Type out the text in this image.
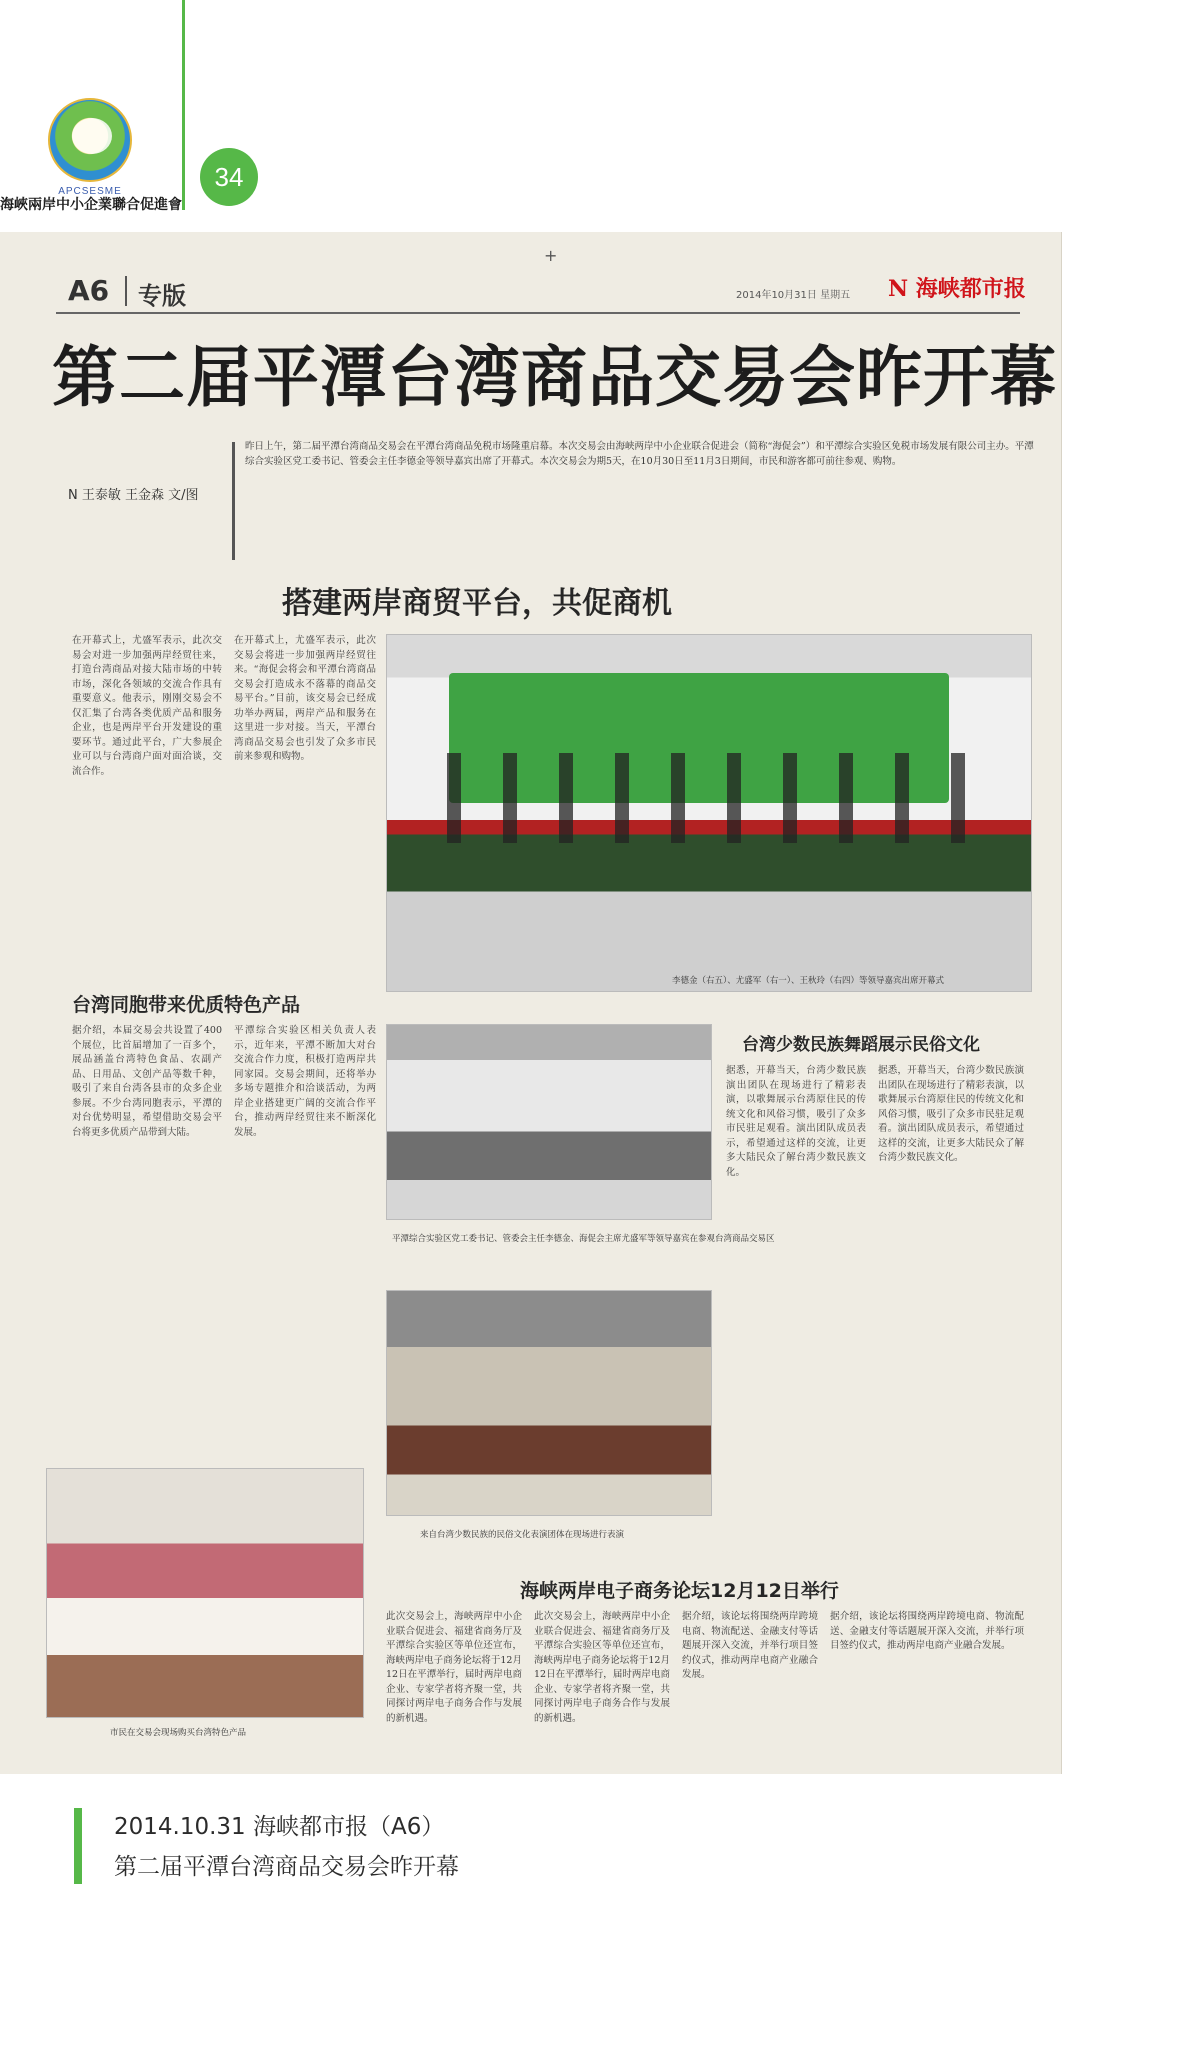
APCSESME
海峽兩岸中小企業聯合促進會
34
+
A6 专版	2014年10月31日 星期五 N 海峡都市报
第二届平潭台湾商品交易会昨开幕
N 王泰敏 王金森 文/图
昨日上午，第二届平潭台湾商品交易会在平潭台湾商品免税市场隆重启幕。本次交易会由海峡两岸中小企业联合促进会（简称“海促会”）和平潭综合实验区免税市场发展有限公司主办。平潭综合实验区党工委书记、管委会主任李德金等领导嘉宾出席了开幕式。本次交易会为期5天，在10月30日至11月3日期间，市民和游客都可前往参观、购物。
搭建两岸商贸平台，共促商机
在开幕式上，尤盛军表示，此次交易会对进一步加强两岸经贸往来，打造台湾商品对接大陆市场的中转市场，深化各领域的交流合作具有重要意义。他表示，刚刚交易会不仅汇集了台湾各类优质产品和服务企业，也是两岸平台开发建设的重要环节。通过此平台，广大参展企业可以与台湾商户面对面洽谈，交流合作。
在开幕式上，尤盛军表示，此次交易会将进一步加强两岸经贸往来。“海促会将会和平潭台湾商品交易会打造成永不落幕的商品交易平台。”目前，该交易会已经成功举办两届，两岸产品和服务在这里进一步对接。当天，平潭台湾商品交易会也引发了众多市民前来参观和购物。
李德金（右五）、尤盛军（右一）、王秋玲（右四）等领导嘉宾出席开幕式
台湾同胞带来优质特色产品
据介绍，本届交易会共设置了400个展位，比首届增加了一百多个，展品涵盖台湾特色食品、农副产品、日用品、文创产品等数千种，吸引了来自台湾各县市的众多企业参展。不少台湾同胞表示，平潭的对台优势明显，希望借助交易会平台将更多优质产品带到大陆。
平潭综合实验区相关负责人表示，近年来，平潭不断加大对台交流合作力度，积极打造两岸共同家园。交易会期间，还将举办多场专题推介和洽谈活动，为两岸企业搭建更广阔的交流合作平台，推动两岸经贸往来不断深化发展。
平潭综合实验区党工委书记、管委会主任李德金、海促会主席尤盛军等领导嘉宾在参观台湾商品交易区
来自台湾少数民族的民俗文化表演团体在现场进行表演
台湾少数民族舞蹈展示民俗文化
据悉，开幕当天，台湾少数民族演出团队在现场进行了精彩表演，以歌舞展示台湾原住民的传统文化和风俗习惯，吸引了众多市民驻足观看。演出团队成员表示，希望通过这样的交流，让更多大陆民众了解台湾少数民族文化。
据悉，开幕当天，台湾少数民族演出团队在现场进行了精彩表演，以歌舞展示台湾原住民的传统文化和风俗习惯，吸引了众多市民驻足观看。演出团队成员表示，希望通过这样的交流，让更多大陆民众了解台湾少数民族文化。
市民在交易会现场购买台湾特色产品
海峡两岸电子商务论坛12月12日举行
此次交易会上，海峡两岸中小企业联合促进会、福建省商务厅及平潭综合实验区等单位还宣布，海峡两岸电子商务论坛将于12月12日在平潭举行，届时两岸电商企业、专家学者将齐聚一堂，共同探讨两岸电子商务合作与发展的新机遇。
此次交易会上，海峡两岸中小企业联合促进会、福建省商务厅及平潭综合实验区等单位还宣布，海峡两岸电子商务论坛将于12月12日在平潭举行，届时两岸电商企业、专家学者将齐聚一堂，共同探讨两岸电子商务合作与发展的新机遇。
据介绍，该论坛将围绕两岸跨境电商、物流配送、金融支付等话题展开深入交流，并举行项目签约仪式，推动两岸电商产业融合发展。
据介绍，该论坛将围绕两岸跨境电商、物流配送、金融支付等话题展开深入交流，并举行项目签约仪式，推动两岸电商产业融合发展。
2014.10.31 海峡都市报（A6）
第二届平潭台湾商品交易会昨开幕
